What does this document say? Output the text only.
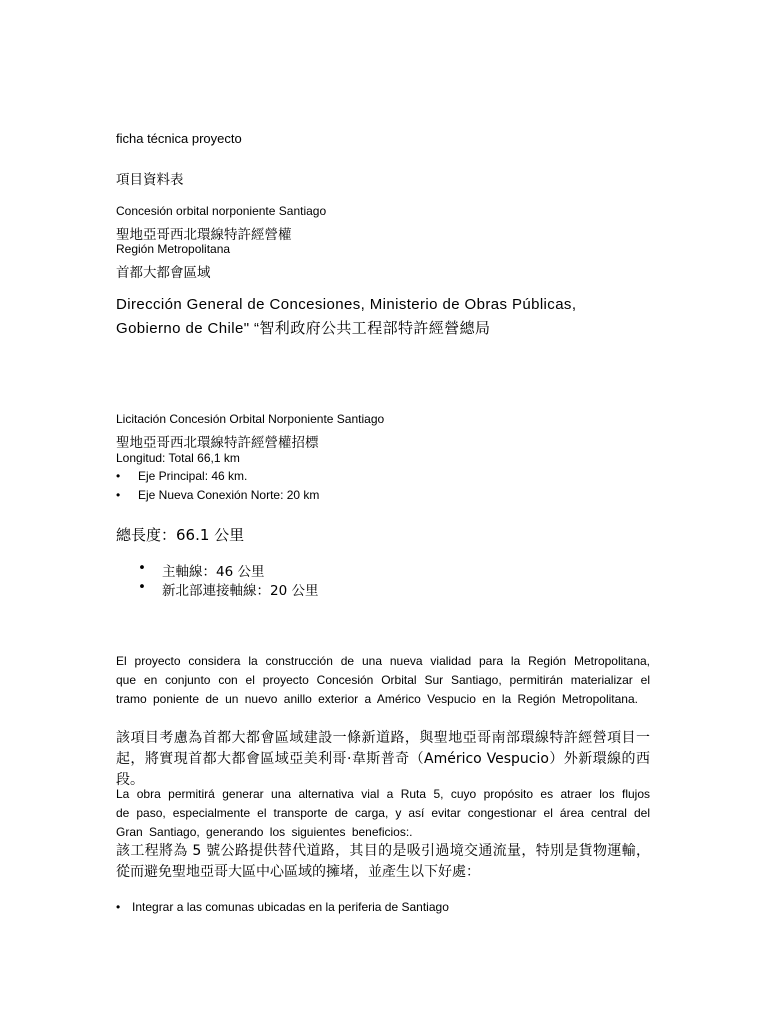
ficha técnica proyecto
項目資料表
Concesión orbital norponiente Santiago
聖地亞哥西北環線特許經營權
Región Metropolitana
首都大都會區域
Dirección General de Concesiones, Ministerio de Obras Públicas,
Gobierno de Chile" “智利政府公共工程部特許經營總局
Licitación Concesión Orbital Norponiente Santiago
聖地亞哥西北環線特許經營權招標
Longitud: Total 66,1 km
• Eje Principal: 46 km.
• Eje Nueva Conexión Norte: 20 km
總長度：66.1 公里
• 主軸線：46 公里
• 新北部連接軸線：20 公里
El proyecto considera la construcción de una nueva vialidad para la Región Metropolitana, que en conjunto con el proyecto Concesión Orbital Sur Santiago, permitirán materializar el tramo poniente de un nuevo anillo exterior a Américo Vespucio en la Región Metropolitana.
該項目考慮為首都大都會區域建設一條新道路，與聖地亞哥南部環線特許經營項目一起，將實現首都大都會區域亞美利哥·韋斯普奇（Américo Vespucio）外新環線的西段。
La obra permitirá generar una alternativa vial a Ruta 5, cuyo propósito es atraer los flujos de paso, especialmente el transporte de carga, y así evitar congestionar el área central del Gran Santiago, generando los siguientes beneficios:.
該工程將為 5 號公路提供替代道路，其目的是吸引過境交通流量，特別是貨物運輸，從而避免聖地亞哥大區中心區域的擁堵，並產生以下好處：
• Integrar a las comunas ubicadas en la periferia de Santiago
